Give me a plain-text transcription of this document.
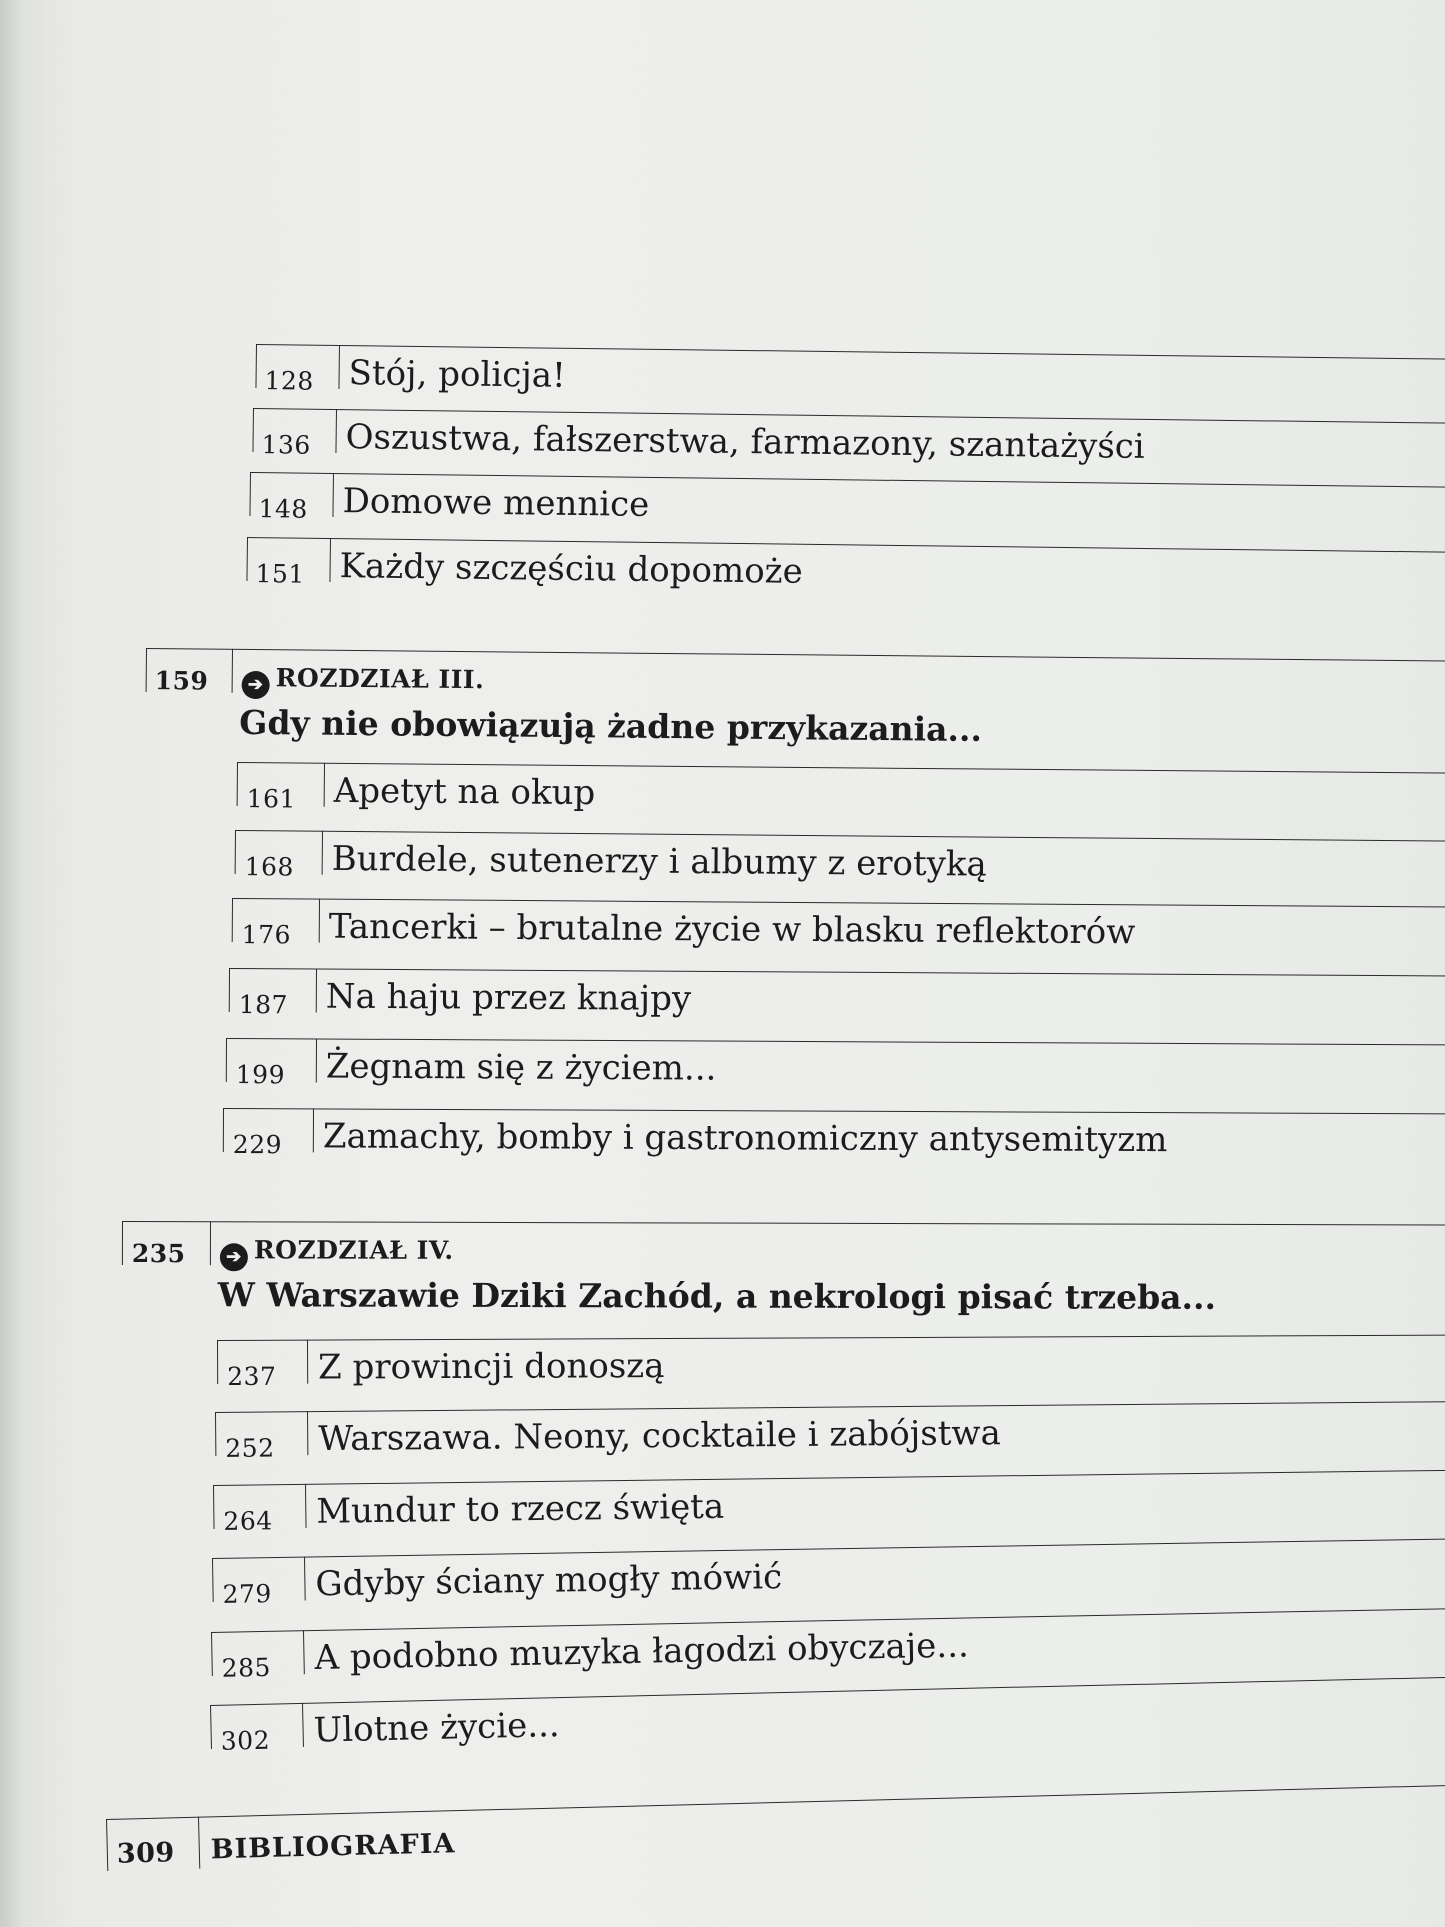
128 Stój, policja!
136 Oszustwa, fałszerstwa, farmazony, szantażyści
148 Domowe mennice
151 Każdy szczęściu dopomoże
159	➔ ROZDZIAŁ III.
Gdy nie obowiązują żadne przykazania...
161 Apetyt na okup
168 Burdele, sutenerzy i albumy z erotyką
176 Tancerki – brutalne życie w blasku reflektorów
187 Na haju przez knajpy
199 Żegnam się z życiem...
229 Zamachy, bomby i gastronomiczny antysemityzm
235	➔ ROZDZIAŁ IV.
W Warszawie Dziki Zachód, a nekrologi pisać trzeba...
237 Z prowincji donoszą
252 Warszawa. Neony, cocktaile i zabójstwa
264 Mundur to rzecz święta
279 Gdyby ściany mogły mówić
285 A podobno muzyka łagodzi obyczaje...
302 Ulotne życie...
309 BIBLIOGRAFIA
